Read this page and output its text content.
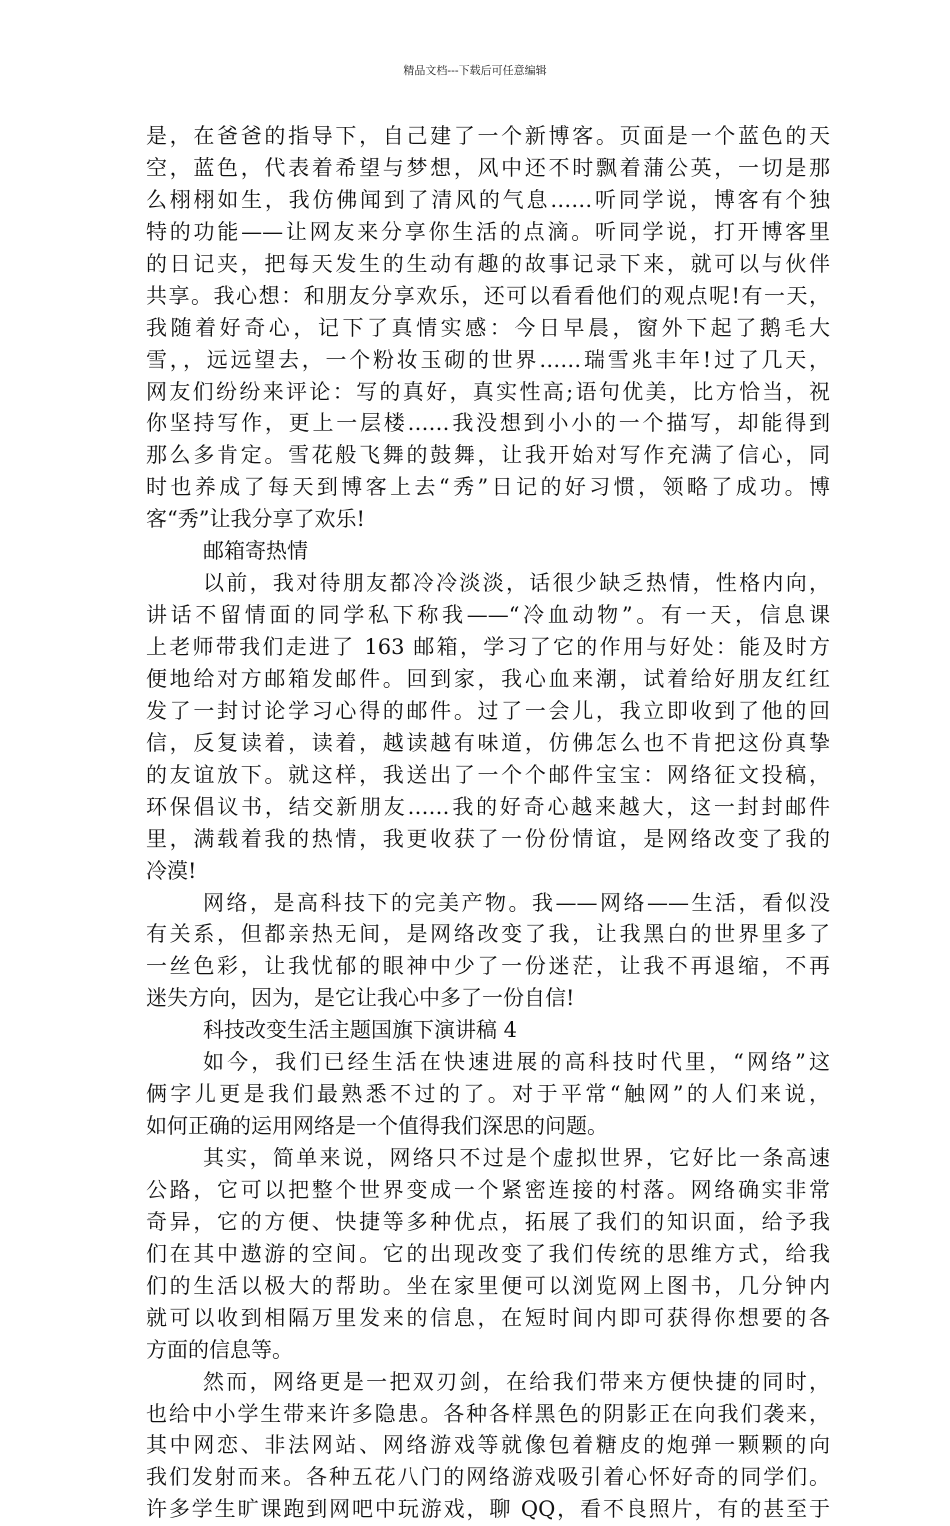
精品文档---下载后可任意编辑
是，在爸爸的指导下，自己建了一个新博客。页面是一个蓝色的天
空，蓝色，代表着希望与梦想，风中还不时飘着蒲公英，一切是那
么栩栩如生，我仿佛闻到了清风的气息……听同学说，博客有个独
特的功能——让网友来分享你生活的点滴。听同学说，打开博客里
的日记夹，把每天发生的生动有趣的故事记录下来，就可以与伙伴
共享。我心想：和朋友分享欢乐，还可以看看他们的观点呢!有一天，
我随着好奇心，记下了真情实感：今日早晨，窗外下起了鹅毛大
雪，，远远望去，一个粉妆玉砌的世界……瑞雪兆丰年!过了几天，
网友们纷纷来评论：写的真好，真实性高;语句优美，比方恰当，祝
你坚持写作，更上一层楼……我没想到小小的一个描写，却能得到
那么多肯定。雪花般飞舞的鼓舞，让我开始对写作充满了信心，同
时也养成了每天到博客上去“秀”日记的好习惯，领略了成功。博
客“秀”让我分享了欢乐!
邮箱寄热情
以前，我对待朋友都冷冷淡淡，话很少缺乏热情，性格内向，
讲话不留情面的同学私下称我——“冷血动物”。有一天，信息课
上老师带我们走进了 163 邮箱，学习了它的作用与好处：能及时方
便地给对方邮箱发邮件。回到家，我心血来潮，试着给好朋友红红
发了一封讨论学习心得的邮件。过了一会儿，我立即收到了他的回
信，反复读着，读着，越读越有味道，仿佛怎么也不肯把这份真挚
的友谊放下。就这样，我送出了一个个邮件宝宝：网络征文投稿，
环保倡议书，结交新朋友……我的好奇心越来越大，这一封封邮件
里，满载着我的热情，我更收获了一份份情谊，是网络改变了我的
冷漠!
网络，是高科技下的完美产物。我——网络——生活，看似没
有关系，但都亲热无间，是网络改变了我，让我黑白的世界里多了
一丝色彩，让我忧郁的眼神中少了一份迷茫，让我不再退缩，不再
迷失方向，因为，是它让我心中多了一份自信!
科技改变生活主题国旗下演讲稿 4
如今，我们已经生活在快速进展的高科技时代里，“网络”这
俩字儿更是我们最熟悉不过的了。对于平常“触网”的人们来说，
如何正确的运用网络是一个值得我们深思的问题。
其实，简单来说，网络只不过是个虚拟世界，它好比一条高速
公路，它可以把整个世界变成一个紧密连接的村落。网络确实非常
奇异，它的方便、快捷等多种优点，拓展了我们的知识面，给予我
们在其中遨游的空间。它的出现改变了我们传统的思维方式，给我
们的生活以极大的帮助。坐在家里便可以浏览网上图书，几分钟内
就可以收到相隔万里发来的信息，在短时间内即可获得你想要的各
方面的信息等。
然而，网络更是一把双刃剑，在给我们带来方便快捷的同时，
也给中小学生带来许多隐患。各种各样黑色的阴影正在向我们袭来，
其中网恋、非法网站、网络游戏等就像包着糖皮的炮弹一颗颗的向
我们发射而来。各种五花八门的网络游戏吸引着心怀好奇的同学们。
许多学生旷课跑到网吧中玩游戏，聊 QQ，看不良照片，有的甚至于
